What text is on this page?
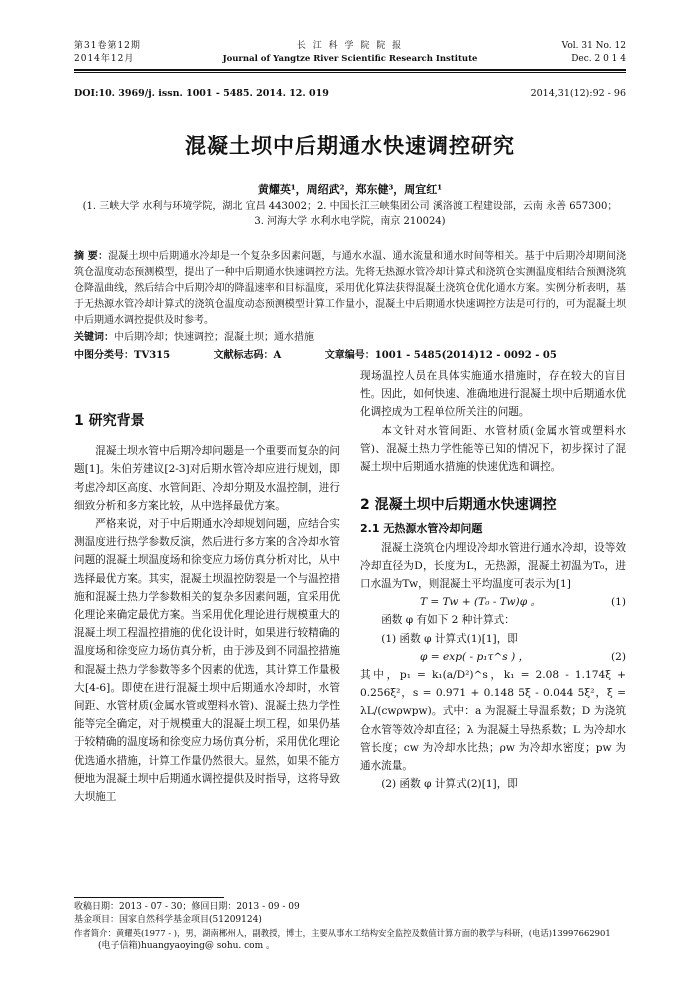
第31卷第12期
2014年12月
长 江 科 学 院 院 报
Journal of Yangtze River Scientific Research Institute
Vol. 31 No. 12
Dec. 2 0 1 4
DOI:10. 3969/j. issn. 1001 - 5485. 2014. 12. 019	2014,31(12):92 - 96
混凝土坝中后期通水快速调控研究
黄耀英¹，周绍武²，郑东健³，周宜红¹
(1. 三峡大学 水利与环境学院，湖北 宜昌 443002；2. 中国长江三峡集团公司 溪洛渡工程建设部，云南 永善 657300；
3. 河海大学 水利水电学院，南京 210024)
摘 要：混凝土坝中后期通水冷却是一个复杂多因素问题，与通水水温、通水流量和通水时间等相关。基于中后期冷却期间浇筑仓温度动态预测模型，提出了一种中后期通水快速调控方法。先将无热源水管冷却计算式和浇筑仓实测温度相结合预测浇筑仓降温曲线，然后结合中后期冷却的降温速率和目标温度，采用优化算法获得混凝土浇筑仓优化通水方案。实例分析表明，基于无热源水管冷却计算式的浇筑仓温度动态预测模型计算工作量小，混凝土中后期通水快速调控方法是可行的，可为混凝土坝中后期通水调控提供及时参考。
关键词：中后期冷却；快速调控；混凝土坝；通水措施
中图分类号：TV315	文献标志码：A	文章编号：1001 - 5485(2014)12 - 0092 - 05
1 研究背景

混凝土坝水管中后期冷却问题是一个重要而复杂的问题[1]。朱伯芳建议[2-3]对后期水管冷却应进行规划，即考虑冷却区高度、水管间距、冷却分期及水温控制，进行细致分析和多方案比较，从中选择最优方案。

严格来说，对于中后期通水冷却规划问题，应结合实测温度进行热学参数反演，然后进行多方案的含冷却水管问题的混凝土坝温度场和徐变应力场仿真分析对比，从中选择最优方案。其实，混凝土坝温控防裂是一个与温控措施和混凝土热力学参数相关的复杂多因素问题，宜采用优化理论来确定最优方案。当采用优化理论进行规模重大的混凝土坝工程温控措施的优化设计时，如果进行较精确的温度场和徐变应力场仿真分析，由于涉及到不同温控措施和混凝土热力学参数等多个因素的优选，其计算工作量极大[4-6]。即使在进行混凝土坝中后期通水冷却时，水管间距、水管材质(金属水管或塑料水管)、混凝土热力学性能等完全确定，对于规模重大的混凝土坝工程，如果仍基于较精确的温度场和徐变应力场仿真分析，采用优化理论优选通水措施，计算工作量仍然很大。显然，如果不能方便地为混凝土坝中后期通水调控提供及时指导，这将导致大坝施工

现场温控人员在具体实施通水措施时，存在较大的盲目性。因此，如何快速、准确地进行混凝土坝中后期通水优化调控成为工程单位所关注的问题。

本文针对水管间距、水管材质(金属水管或塑料水管)、混凝土热力学性能等已知的情况下，初步探讨了混凝土坝中后期通水措施的快速优选和调控。

2 混凝土坝中后期通水快速调控
2.1 无热源水管冷却问题

混凝土浇筑仓内埋设冷却水管进行通水冷却，设等效冷却直径为D，长度为L，无热源，混凝土初温为T₀，进口水温为Tw，则混凝土平均温度可表示为[1]

T = Tw + (T₀ - Tw)φ 。	(1)

函数 φ 有如下 2 种计算式：

(1) 函数 φ 计算式(1)[1]，即

φ = exp( - p₁τ^s ) ，	(2)

其中，p₁ = k₁(a/D²)^s，k₁ = 2.08 - 1.174ξ + 0.256ξ²，s = 0.971 + 0.148 5ξ - 0.044 5ξ²，ξ = λL/(cwρwpw)。式中：a 为混凝土导温系数；D 为浇筑仓水管等效冷却直径；λ 为混凝土导热系数；L 为冷却水管长度；cw 为冷却水比热；ρw 为冷却水密度；pw 为通水流量。

(2) 函数 φ 计算式(2)[1]，即

收稿日期：2013 - 07 - 30；修回日期：2013 - 09 - 09
基金项目：国家自然科学基金项目(51209124)
作者简介：黄耀英(1977 - )，男，湖南郴州人，副教授，博士，主要从事水工结构安全监控及数值计算方面的教学与科研，(电话)13997662901
(电子信箱)huangyaoying@ sohu. com 。
